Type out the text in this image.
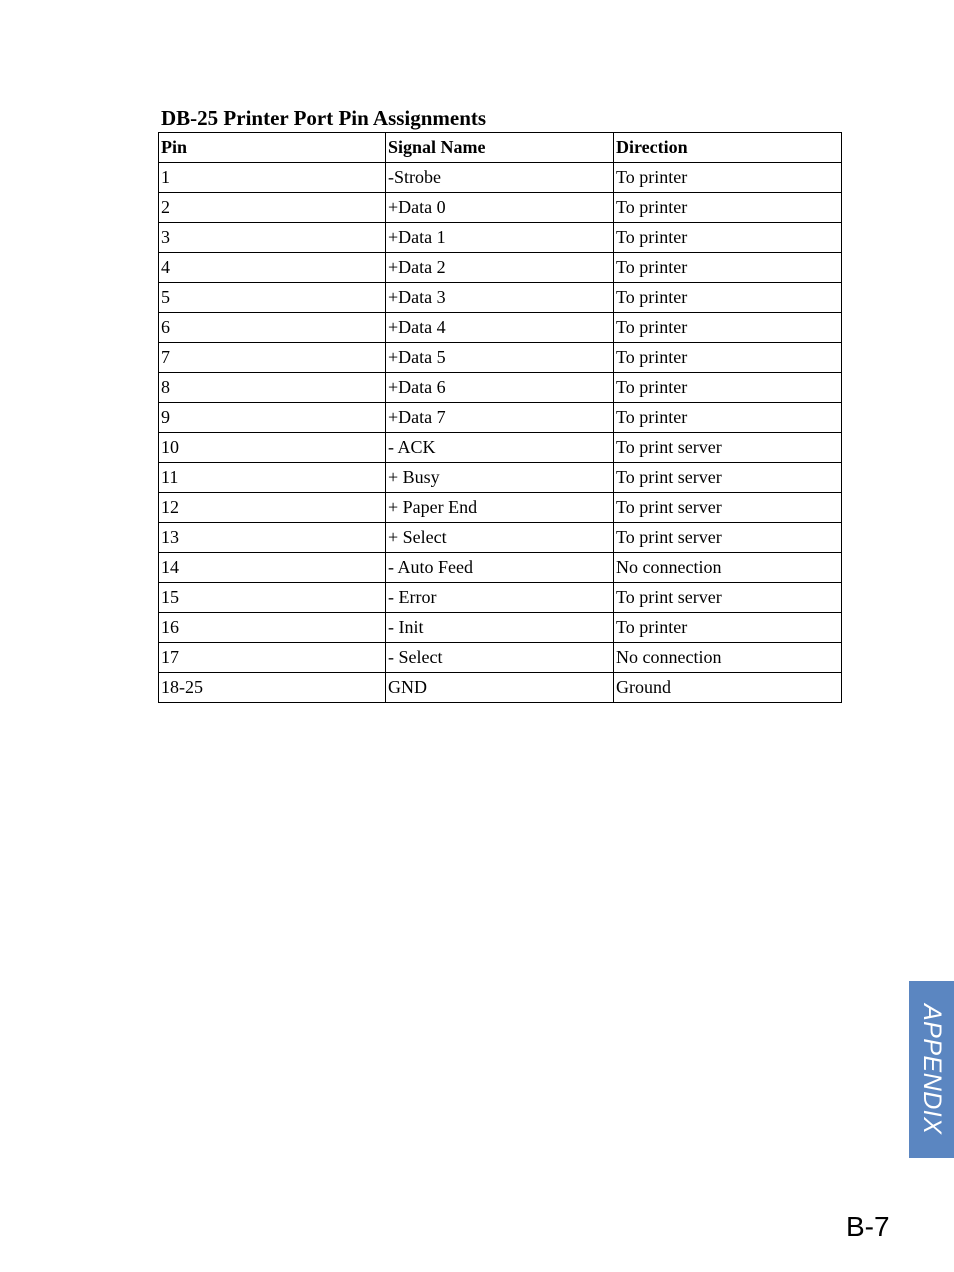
DB-25 Printer Port Pin Assignments
Pin	Signal Name	Direction
1	-Strobe	To printer
2	+Data 0	To printer
3	+Data 1	To printer
4	+Data 2	To printer
5	+Data 3	To printer
6	+Data 4	To printer
7	+Data 5	To printer
8	+Data 6	To printer
9	+Data 7	To printer
10	- ACK	To print server
11	+ Busy	To print server
12	+ Paper End	To print server
13	+ Select	To print server
14	- Auto Feed	No connection
15	- Error	To print server
16	- Init	To printer
17	- Select	No connection
18-25	GND	Ground
APPENDIX
B-7
